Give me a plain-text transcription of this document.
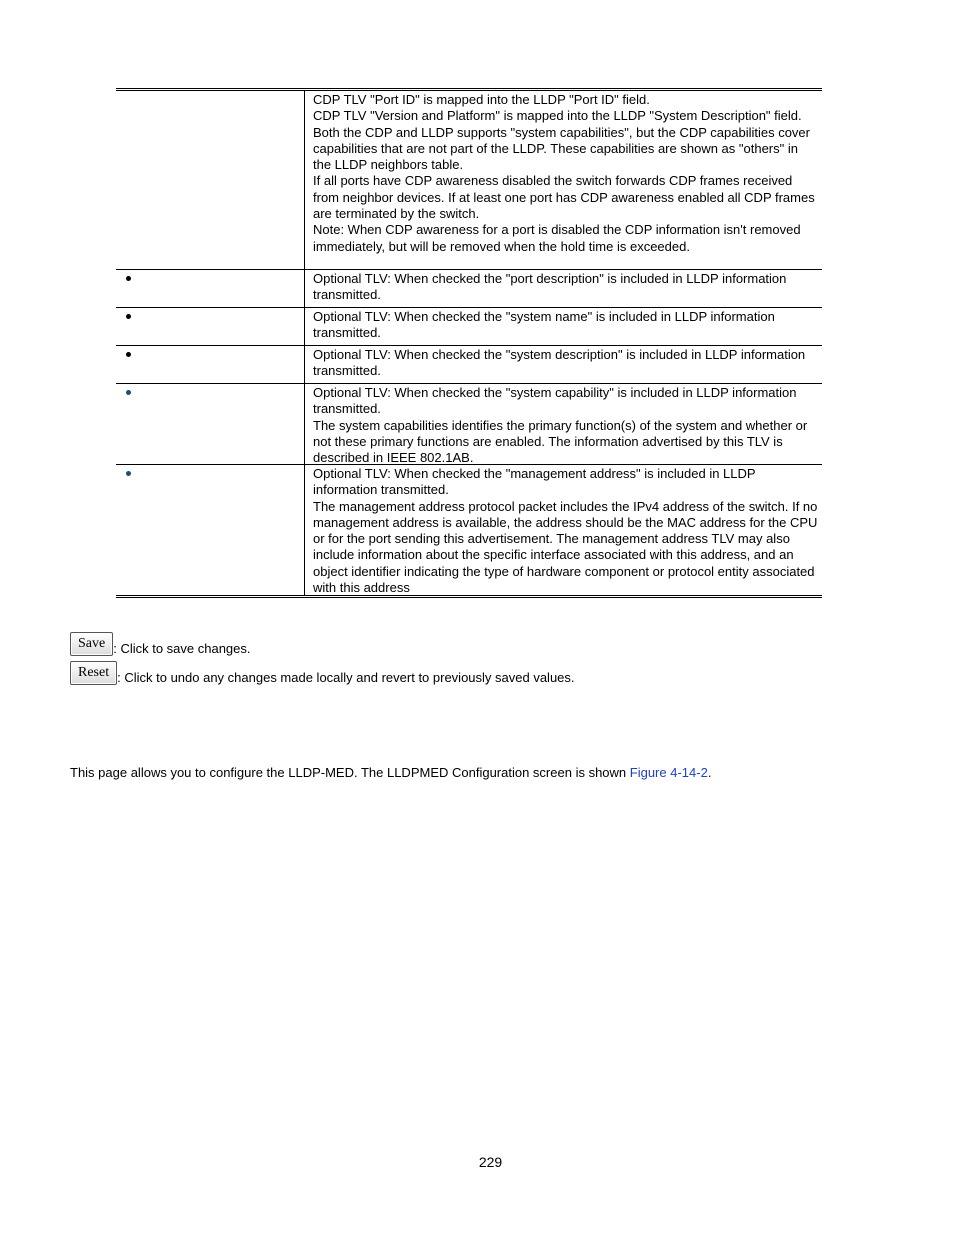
CDP TLV "Port ID" is mapped into the LLDP "Port ID" field.

CDP TLV "Version and Platform" is mapped into the LLDP "System Description" field.

Both the CDP and LLDP supports "system capabilities", but the CDP capabilities cover capabilities that are not part of the LLDP. These capabilities are shown as "others" in the LLDP neighbors table.

If all ports have CDP awareness disabled the switch forwards CDP frames received from neighbor devices. If at least one port has CDP awareness enabled all CDP frames are terminated by the switch.

Note: When CDP awareness for a port is disabled the CDP information isn't removed immediately, but will be removed when the hold time is exceeded.

Optional TLV: When checked the "port description" is included in LLDP information transmitted.

Optional TLV: When checked the "system name" is included in LLDP information transmitted.

Optional TLV: When checked the "system description" is included in LLDP information transmitted.

Optional TLV: When checked the "system capability" is included in LLDP information transmitted.

The system capabilities identifies the primary function(s) of the system and whether or not these primary functions are enabled. The information advertised by this TLV is described in IEEE 802.1AB.

Optional TLV: When checked the "management address" is included in LLDP information transmitted.

The management address protocol packet includes the IPv4 address of the switch. If no management address is available, the address should be the MAC address for the CPU or for the port sending this advertisement. The management address TLV may also include information about the specific interface associated with this address, and an object identifier indicating the type of hardware component or protocol entity associated with this address

Save : Click to save changes.
Reset : Click to undo any changes made locally and revert to previously saved values.
This page allows you to configure the LLDP-MED. The LLDPMED Configuration screen is shown Figure 4-14-2.
229
